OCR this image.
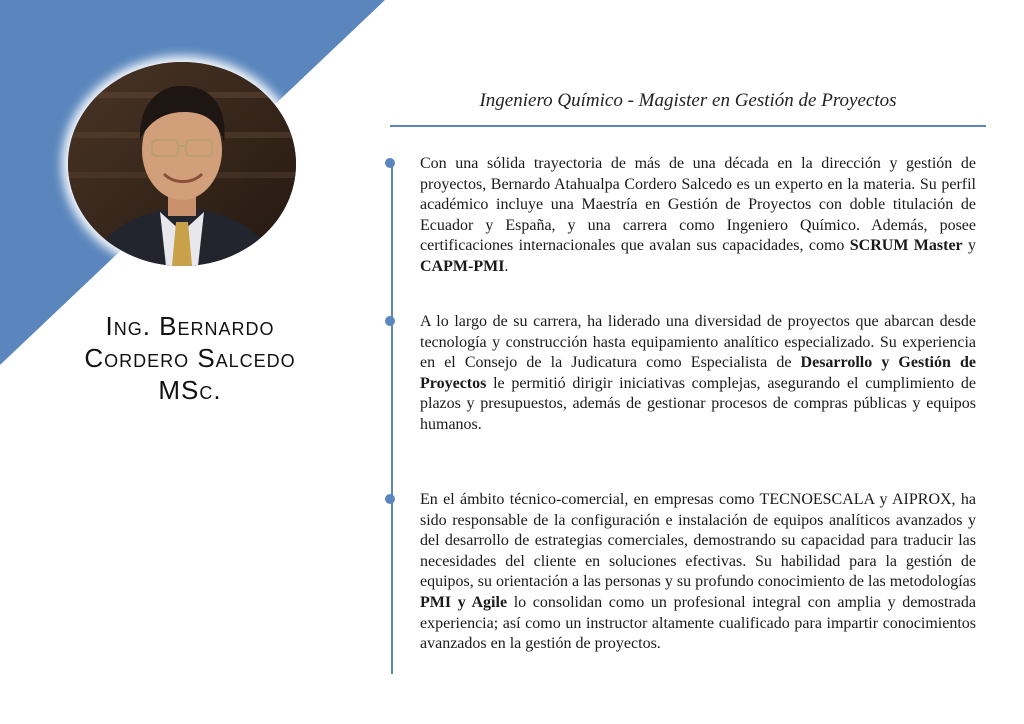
Ing. Bernardo
Cordero Salcedo
MSc.
Ingeniero Químico - Magister en Gestión de Proyectos
Con una sólida trayectoria de más de una década en la dirección y gestión de proyectos, Bernardo Atahualpa Cordero Salcedo es un experto en la materia. Su perfil académico incluye una Maestría en Gestión de Proyectos con doble titulación de Ecuador y España, y una carrera como Ingeniero Químico. Además, posee certificaciones internacionales que avalan sus capacidades, como SCRUM Master y CAPM-PMI.
A lo largo de su carrera, ha liderado una diversidad de proyectos que abarcan desde tecnología y construcción hasta equipamiento analítico especializado. Su experiencia en el Consejo de la Judicatura como Especialista de Desarrollo y Gestión de Proyectos le permitió dirigir iniciativas complejas, asegurando el cumplimiento de plazos y presupuestos, además de gestionar procesos de compras públicas y equipos humanos.
En el ámbito técnico-comercial, en empresas como TECNOESCALA y AIPROX, ha sido responsable de la configuración e instalación de equipos analíticos avanzados y del desarrollo de estrategias comerciales, demostrando su capacidad para traducir las necesidades del cliente en soluciones efectivas. Su habilidad para la gestión de equipos, su orientación a las personas y su profundo conocimiento de las metodologías PMI y Agile lo consolidan como un profesional integral con amplia y demostrada experiencia; así como un instructor altamente cualificado para impartir conocimientos avanzados en la gestión de proyectos.
